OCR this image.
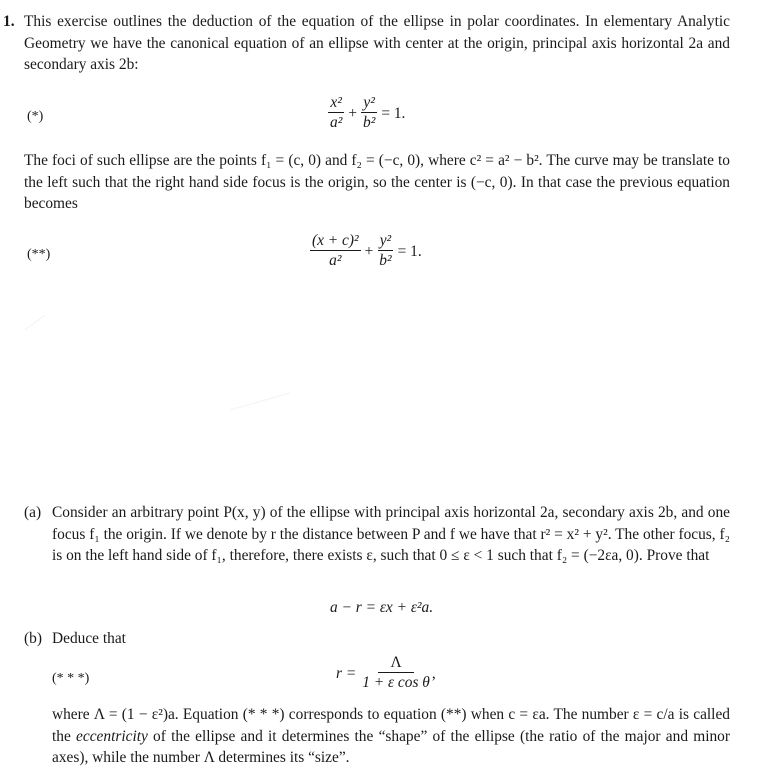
1. This exercise outlines the deduction of the equation of the ellipse in polar coordinates. In elementary Analytic Geometry we have the canonical equation of an ellipse with center at the origin, principal axis horizontal 2a and secondary axis 2b:
(*)	$\frac{\text{x²}}{\text{a²}} + \frac{\text{y²}}{\text{b²}} = 1$.
The foci of such ellipse are the points f₁ = (c, 0) and f₂ = (−c, 0), where c² = a² − b². The curve may be translate to the left such that the right hand side focus is the origin, so the center is (−c, 0). In that case the previous equation becomes
(**)	$\frac{\text{(x + c)²}}{\text{a²}} + \frac{\text{y²}}{\text{b²}} = 1$.
(a) Consider an arbitrary point P(x, y) of the ellipse with principal axis horizontal 2a, secondary axis 2b, and one focus f₁ the origin. If we denote by r the distance between P and f we have that r² = x² + y². The other focus, f₂ is on the left hand side of f₁, therefore, there exists ε, such that 0 ≤ ε < 1 such that f₂ = (−2εa, 0). Prove that
a − r = εx + ε²a.
(b) Deduce that
(* * *)	$r = \frac{\Lambda}{\text{1 + ε cos θ}}$ ,
where Λ = (1 − ε²)a. Equation (* * *) corresponds to equation (**) when c = εa. The number ε = c/a is called the eccentricity of the ellipse and it determines the “shape” of the ellipse (the ratio of the major and minor axes), while the number Λ determines its “size”.
